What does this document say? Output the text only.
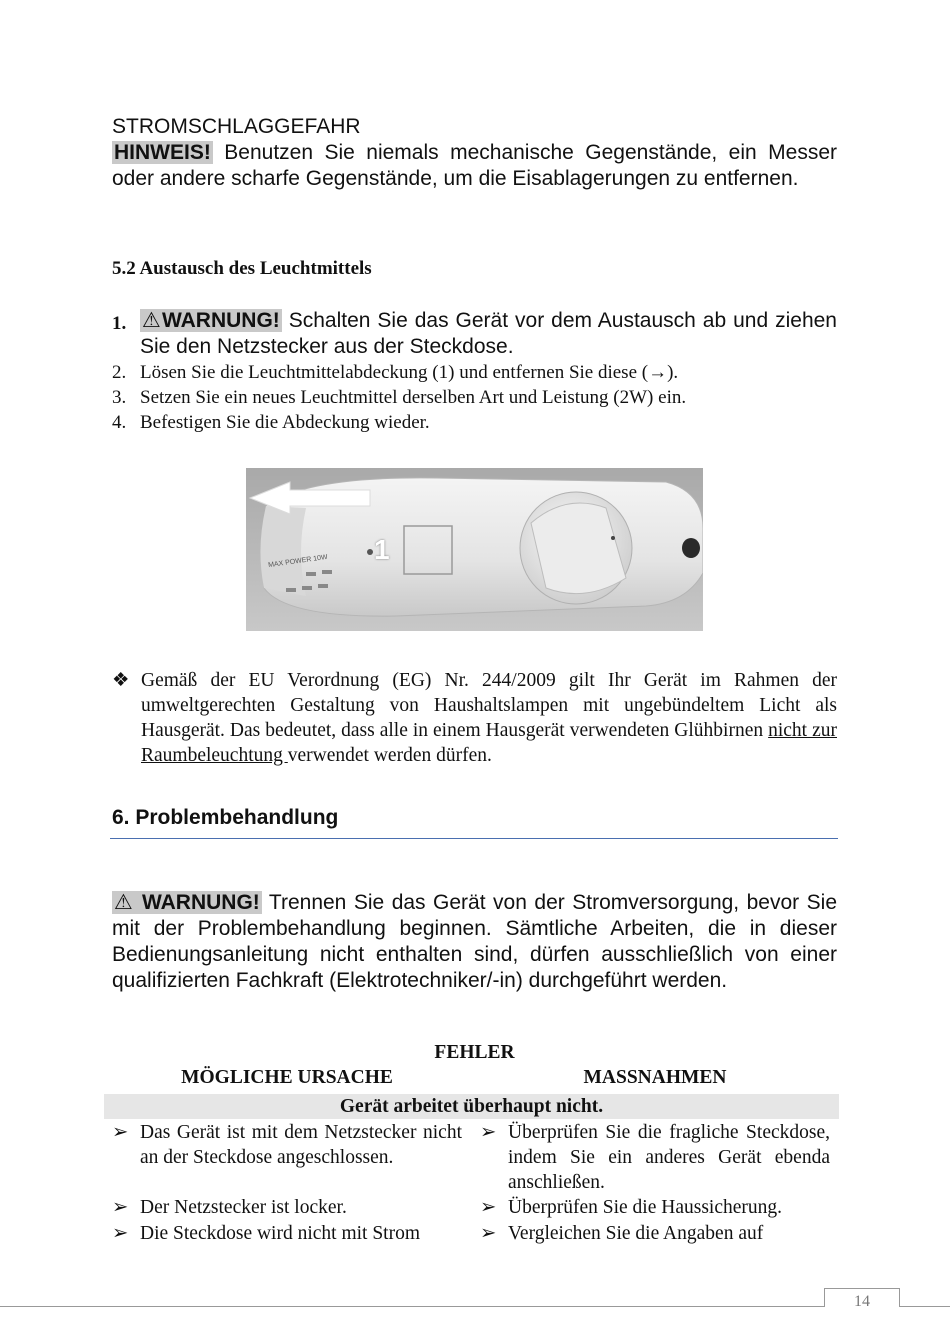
STROMSCHLAGGEFAHR
HINWEIS! Benutzen Sie niemals mechanische Gegenstände, ein Messer oder andere scharfe Gegenstände, um die Eisablagerungen zu entfernen.
5.2 Austausch des Leuchtmittels
1. ⚠WARNUNG! Schalten Sie das Gerät vor dem Austausch ab und ziehen Sie den Netzstecker aus der Steckdose.
2. Lösen Sie die Leuchtmittelabdeckung (1) und entfernen Sie diese (→).
3. Setzen Sie ein neues Leuchtmittel derselben Art und Leistung (2W) ein.
4. Befestigen Sie die Abdeckung wieder.
1
MAX POWER 10W
❖ Gemäß der EU Verordnung (EG) Nr. 244/2009 gilt Ihr Gerät im Rahmen der umweltgerechten Gestaltung von Haushaltslampen mit ungebündeltem Licht als Hausgerät. Das bedeutet, dass alle in einem Hausgerät verwendeten Glühbirnen nicht zur Raumbeleuchtung verwendet werden dürfen.
6. Problembehandlung
⚠ WARNUNG! Trennen Sie das Gerät von der Stromversorgung, bevor Sie mit der Problembehandlung beginnen. Sämtliche Arbeiten, die in dieser Bedienungsanleitung nicht enthalten sind, dürfen ausschließlich von einer qualifizierten Fachkraft (Elektrotechniker/-in) durchgeführt werden.
FEHLER
MÖGLICHE URSACHE	MASSNAHMEN
Gerät arbeitet überhaupt nicht.
➢ Das Gerät ist mit dem Netzstecker nicht an der Steckdose angeschlossen.
➢ Der Netzstecker ist locker.
➢ Die Steckdose wird nicht mit Strom
➢ Überprüfen Sie die fragliche Steckdose, indem Sie ein anderes Gerät ebenda anschließen.
➢ Überprüfen Sie die Haussicherung.
➢ Vergleichen Sie die Angaben auf
14
